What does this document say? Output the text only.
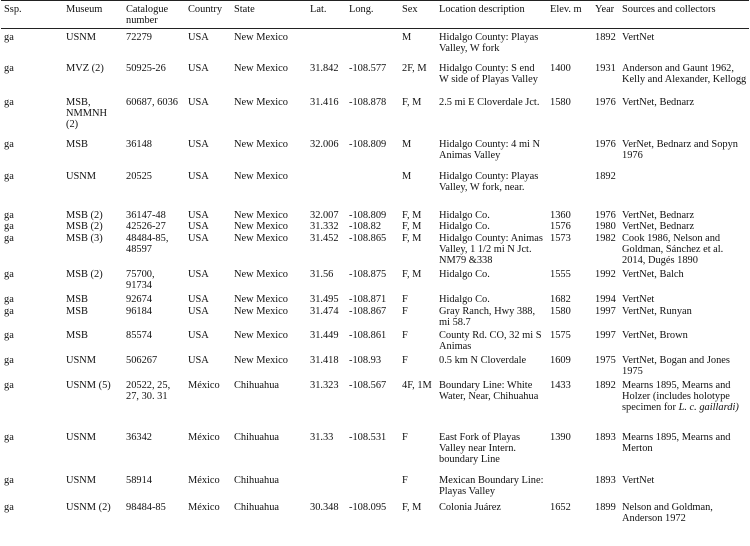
Ssp.	Museum	Catalogue number	Country	State	Lat.	Long.	Sex	Location description	Elev. m	Year	Sources and collectors
ga	USNM	72279	USA	New Mexico			M	Hidalgo County: Playas Valley, W fork		1892	VertNet
ga	MVZ (2)	50925-26	USA	New Mexico	31.842	-108.577	2F, M	Hidalgo County: S end W side of Playas Valley	1400	1931	Anderson and Gaunt 1962, Kelly and Alexander, Kellogg
ga	MSB, NMMNH (2)	60687, 6036	USA	New Mexico	31.416	-108.878	F, M	2.5 mi E Cloverdale Jct.	1580	1976	VertNet, Bednarz
ga	MSB	36148	USA	New Mexico	32.006	-108.809	M	Hidalgo County: 4 mi N Animas Valley		1976	VerNet, Bednarz and Sopyn 1976
ga	USNM	20525	USA	New Mexico			M	Hidalgo County: Playas Valley, W fork, near.		1892	
ga	MSB (2)	36147-48	USA	New Mexico	32.007	-108.809	F, M	Hidalgo Co.	1360	1976	VertNet, Bednarz
ga	MSB (2)	42526-27	USA	New Mexico	31.332	-108.82	F, M	Hidalgo Co.	1576	1980	VertNet, Bednarz
ga	MSB (3)	48484-85, 48597	USA	New Mexico	31.452	-108.865	F, M	Hidalgo County: Animas Valley, 1 1/2 mi N Jct. NM79 &338	1573	1982	Cook 1986, Nelson and Goldman, Sánchez et al. 2014, Dugés 1890
ga	MSB (2)	75700, 91734	USA	New Mexico	31.56	-108.875	F, M	Hidalgo Co.	1555	1992	VertNet, Balch
ga	MSB	92674	USA	New Mexico	31.495	-108.871	F	Hidalgo Co.	1682	1994	VertNet
ga	MSB	96184	USA	New Mexico	31.474	-108.867	F	Gray Ranch, Hwy 388, mi 58.7	1580	1997	VertNet, Runyan
ga	MSB	85574	USA	New Mexico	31.449	-108.861	F	County Rd. CO, 32 mi S Animas	1575	1997	VertNet, Brown
ga	USNM	506267	USA	New Mexico	31.418	-108.93	F	0.5 km N Cloverdale	1609	1975	VertNet, Bogan and Jones 1975
ga	USNM (5)	20522, 25, 27, 30. 31	México	Chihuahua	31.323	-108.567	4F, 1M	Boundary Line: White Water, Near, Chihuahua	1433	1892	Mearns 1895, Mearns and Holzer (includes holotype specimen for L. c. gaillardi)
ga	USNM	36342	México	Chihuahua	31.33	-108.531	F	East Fork of Playas Valley near Intern. boundary Line	1390	1893	Mearns 1895, Mearns and Merton
ga	USNM	58914	México	Chihuahua			F	Mexican Boundary Line: Playas Valley		1893	VertNet
ga	USNM (2)	98484-85	México	Chihuahua	30.348	-108.095	F, M	Colonia Juárez	1652	1899	Nelson and Goldman, Anderson 1972
